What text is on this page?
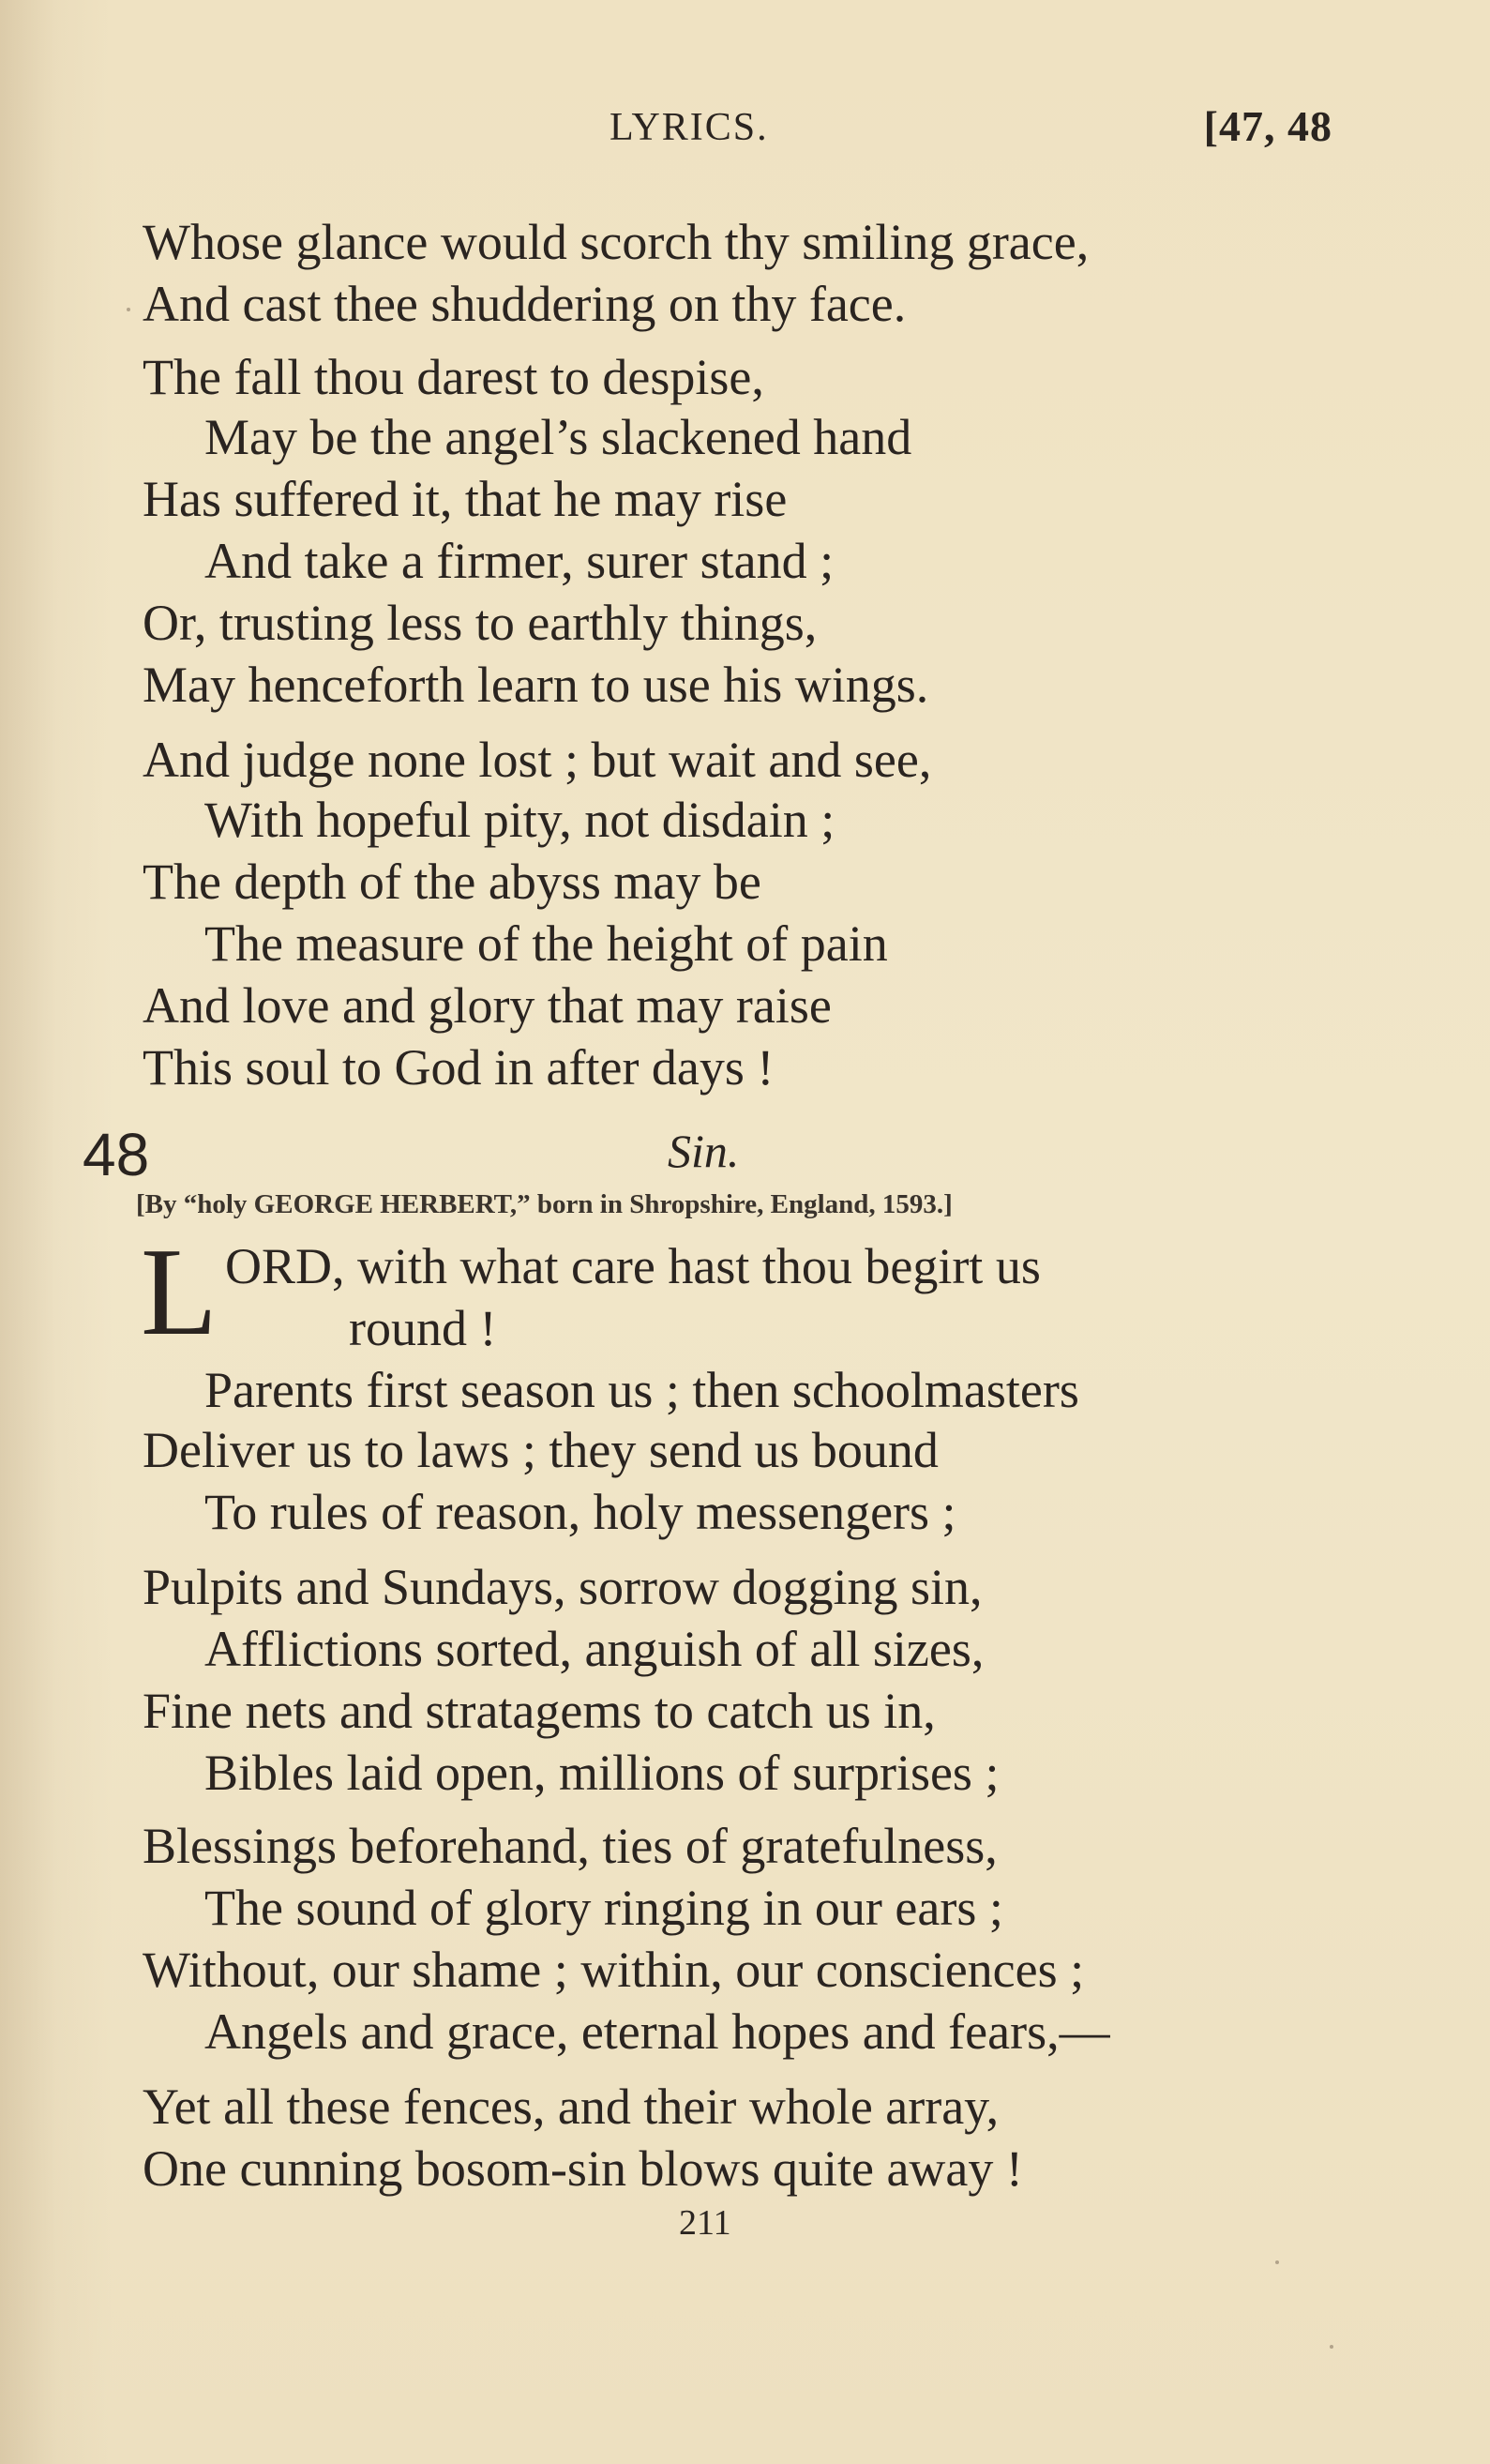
LYRICS.	[47, 48
Whose glance would scorch thy smiling grace,
And cast thee shuddering on thy face.
The fall thou darest to despise,
May be the angel’s slackened hand
Has suffered it, that he may rise
And take a firmer, surer stand ;
Or, trusting less to earthly things,
May henceforth learn to use his wings.
And judge none lost ; but wait and see,
With hopeful pity, not disdain ;
The depth of the abyss may be
The measure of the height of pain
And love and glory that may raise
This soul to God in after days !
48	Sin.
[By “holy GEORGE HERBERT,” born in Shropshire, England, 1593.]
L ORD, with what care hast thou begirt us
round !
Parents first season us ; then schoolmasters
Deliver us to laws ; they send us bound
To rules of reason, holy messengers ;
Pulpits and Sundays, sorrow dogging sin,
Afflictions sorted, anguish of all sizes,
Fine nets and stratagems to catch us in,
Bibles laid open, millions of surprises ;
Blessings beforehand, ties of gratefulness,
The sound of glory ringing in our ears ;
Without, our shame ; within, our consciences ;
Angels and grace, eternal hopes and fears,—
Yet all these fences, and their whole array,
One cunning bosom-sin blows quite away !
211
